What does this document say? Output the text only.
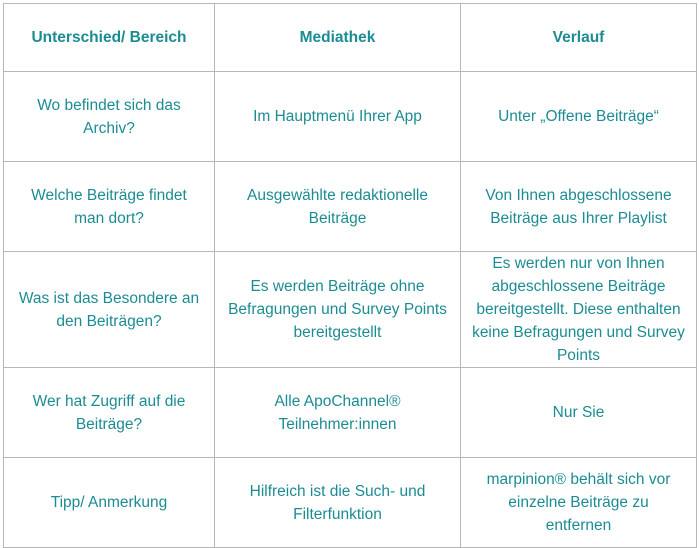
Unterschied/ Bereich	Mediathek	Verlauf
Wo befindet sich das Archiv?	Im Hauptmenü Ihrer App	Unter „Offene Beiträge“
Welche Beiträge findet man dort?	Ausgewählte redaktionelle Beiträge	Von Ihnen abgeschlossene Beiträge aus Ihrer Playlist
Was ist das Besondere an den Beiträgen?	Es werden Beiträge ohne Befragungen und Survey Points bereitgestellt	Es werden nur von Ihnen abgeschlossene Beiträge bereitgestellt. Diese enthalten keine Befragungen und Survey Points
Wer hat Zugriff auf die Beiträge?	Alle ApoChannel® Teilnehmer:innen	Nur Sie
Tipp/ Anmerkung	Hilfreich ist die Such- und Filterfunktion	marpinion® behält sich vor einzelne Beiträge zu entfernen
